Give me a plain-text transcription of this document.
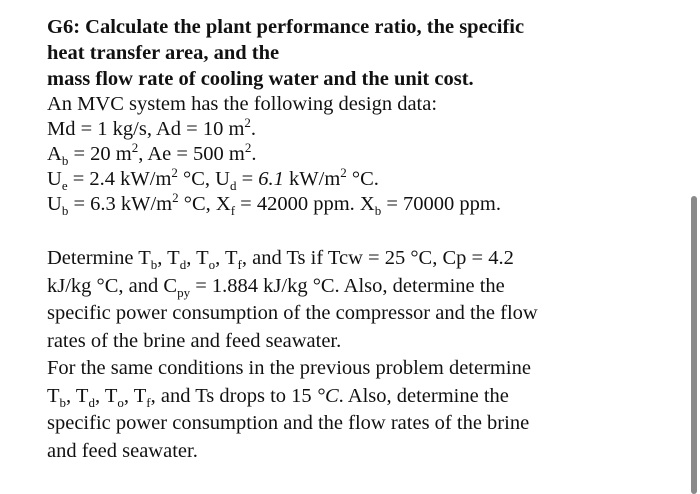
G6: Calculate the plant performance ratio, the specific
heat transfer area, and the
mass flow rate of cooling water and the unit cost.

An MVC system has the following design data:

Md = 1 kg/s, Ad = 10 $m^2$.

$A_b = 20$ $m^2$, Ae = 500 $m^2$.

$U_e = 2.4$ $kW/m^2$ °C, $U_d = 6.1$ $kW/m^2$ °C.

$U_b = 6.3$ $kW/m^2$ °C, $X_f = 42000$ ppm. $X_b = 70000$ ppm.

Determine $T_b$, $T_d$, $T_o$, $T_f$, and Ts if Tcw = 25 °C, Cp = 4.2

kJ/kg °C, and $C_{py} = 1.884$ kJ/kg °C. Also, determine the

specific power consumption of the compressor and the flow

rates of the brine and feed seawater.

For the same conditions in the previous problem determine

$T_b$, $T_d$, $T_o$, $T_f$, and Ts drops to 15 °C. Also, determine the

specific power consumption and the flow rates of the brine

and feed seawater.
